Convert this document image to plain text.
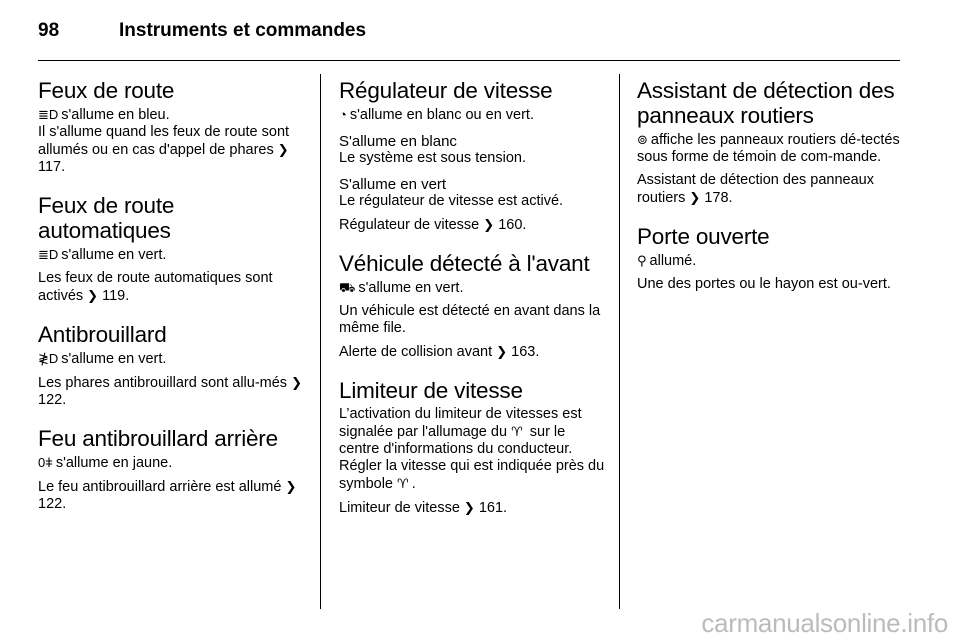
98	Instruments et commandes
Feux de route

≣D s'allume en bleu.

Il s'allume quand les feux de route sont allumés ou en cas d'appel de phares ❯ 117.

Feux de route automatiques

≣D s'allume en vert.

Les feux de route automatiques sont activés ❯ 119.

Antibrouillard

≹D s'allume en vert.

Les phares antibrouillard sont allu-més ❯ 122.

Feu antibrouillard arrière

0ǂ s'allume en jaune.

Le feu antibrouillard arrière est allumé ❯ 122.

Régulateur de vitesse

◔ s'allume en blanc ou en vert.

S'allume en blanc

Le système est sous tension.

S'allume en vert

Le régulateur de vitesse est activé.

Régulateur de vitesse ❯ 160.

Véhicule détecté à l'avant

⛟ s'allume en vert.

Un véhicule est détecté en avant dans la même file.

Alerte de collision avant ❯ 163.

Limiteur de vitesse

L’activation du limiteur de vitesses est signalée par l'allumage du ♈ sur le centre d'informations du conducteur. Régler la vitesse qui est indiquée près du symbole ♈ .

Limiteur de vitesse ❯ 161.

Assistant de détection des panneaux routiers

⊚ affiche les panneaux routiers dé-tectés sous forme de témoin de com-mande.

Assistant de détection des panneaux routiers ❯ 178.

Porte ouverte

⚲ allumé.

Une des portes ou le hayon est ou-vert.

carmanualsonline.info
